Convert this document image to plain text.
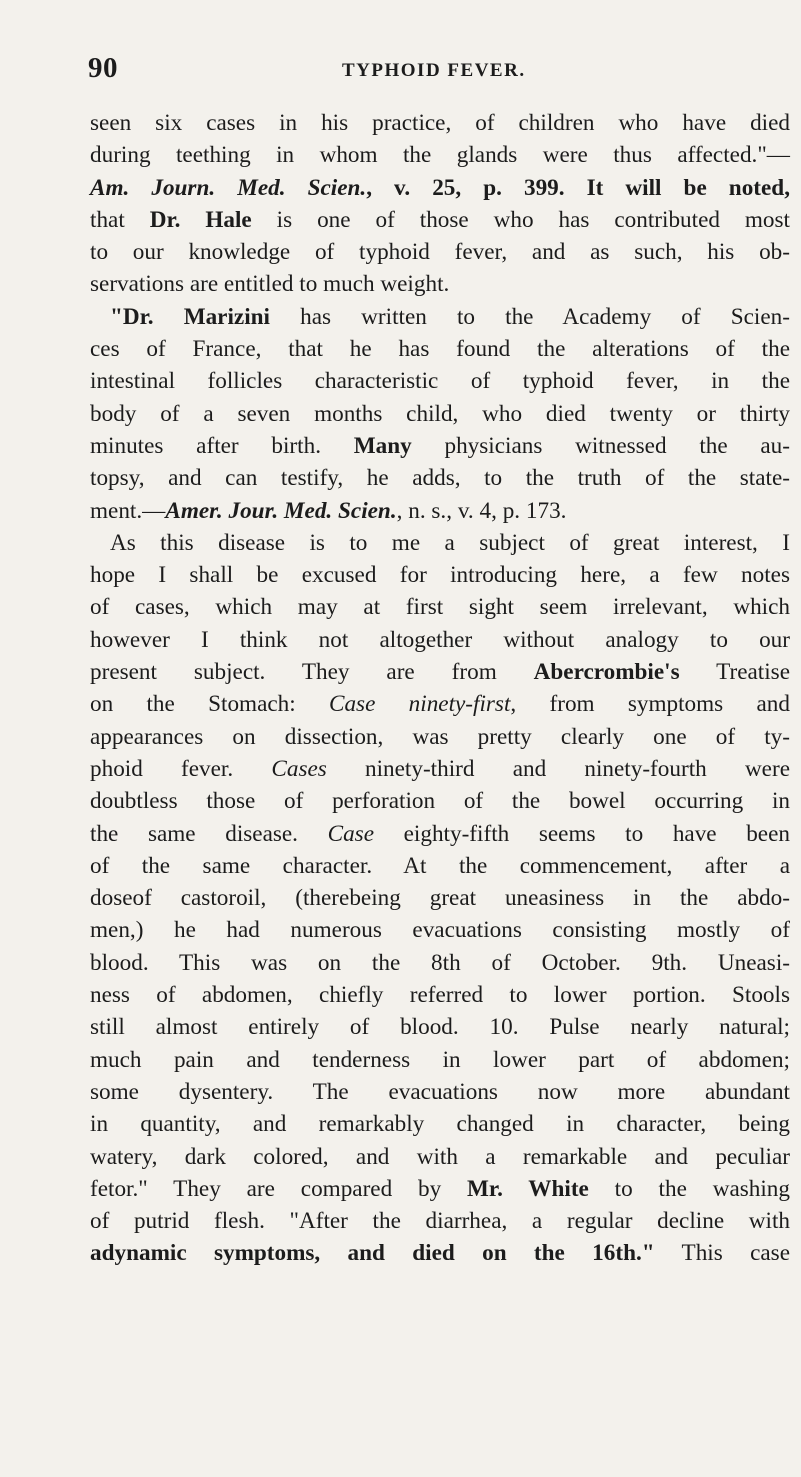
90	TYPHOID FEVER.
seen six cases in his practice, of children who have died
during teething in whom the glands were thus affected."—
Am. Journ. Med. Scien., v. 25, p. 399. It will be noted,
that Dr. Hale is one of those who has contributed most
to our knowledge of typhoid fever, and as such, his ob-
servations are entitled to much weight.
"Dr. Marizini has written to the Academy of Scien-
ces of France, that he has found the alterations of the
intestinal follicles characteristic of typhoid fever, in the
body of a seven months child, who died twenty or thirty
minutes after birth. Many physicians witnessed the au-
topsy, and can testify, he adds, to the truth of the state-
ment.—Amer. Jour. Med. Scien., n. s., v. 4, p. 173.
As this disease is to me a subject of great interest, I
hope I shall be excused for introducing here, a few notes
of cases, which may at first sight seem irrelevant, which
however I think not altogether without analogy to our
present subject. They are from Abercrombie's Treatise
on the Stomach: Case ninety-first, from symptoms and
appearances on dissection, was pretty clearly one of ty-
phoid fever. Cases ninety-third and ninety-fourth were
doubtless those of perforation of the bowel occurring in
the same disease. Case eighty-fifth seems to have been
of the same character. At the commencement, after a
doseof castoroil, (therebeing great uneasiness in the abdo-
men,) he had numerous evacuations consisting mostly of
blood. This was on the 8th of October. 9th. Uneasi-
ness of abdomen, chiefly referred to lower portion. Stools
still almost entirely of blood. 10. Pulse nearly natural;
much pain and tenderness in lower part of abdomen;
some dysentery. The evacuations now more abundant
in quantity, and remarkably changed in character, being
watery, dark colored, and with a remarkable and peculiar
fetor." They are compared by Mr. White to the washing
of putrid flesh. "After the diarrhea, a regular decline with
adynamic symptoms, and died on the 16th." This case
